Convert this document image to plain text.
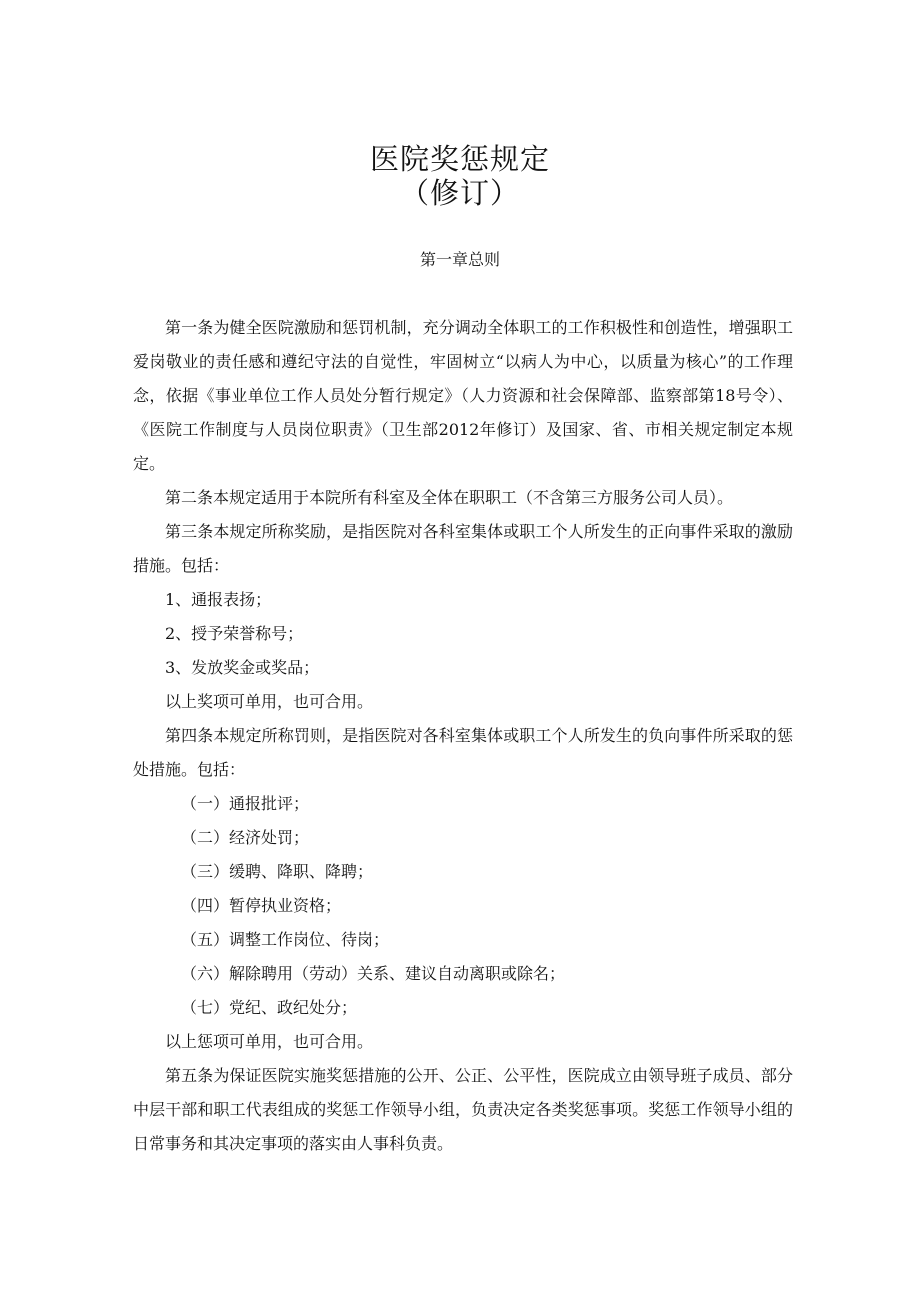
医院奖惩规定
（修订）
第一章总则

第一条为健全医院激励和惩罚机制，充分调动全体职工的工作积极性和创造性，增强职工爱岗敬业的责任感和遵纪守法的自觉性，牢固树立“以病人为中心，以质量为核心”的工作理念，依据《事业单位工作人员处分暂行规定》（人力资源和社会保障部、监察部第18号令）、《医院工作制度与人员岗位职责》（卫生部2012年修订）及国家、省、市相关规定制定本规定。

第二条本规定适用于本院所有科室及全体在职职工（不含第三方服务公司人员）。

第三条本规定所称奖励，是指医院对各科室集体或职工个人所发生的正向事件采取的激励措施。包括：

1、通报表扬；

2、授予荣誉称号；

3、发放奖金或奖品；

以上奖项可单用，也可合用。

第四条本规定所称罚则，是指医院对各科室集体或职工个人所发生的负向事件所采取的惩处措施。包括：

（一）通报批评；

（二）经济处罚；

（三）缓聘、降职、降聘；

（四）暂停执业资格；

（五）调整工作岗位、待岗；

（六）解除聘用（劳动）关系、建议自动离职或除名；

（七）党纪、政纪处分；

以上惩项可单用，也可合用。

第五条为保证医院实施奖惩措施的公开、公正、公平性，医院成立由领导班子成员、部分中层干部和职工代表组成的奖惩工作领导小组，负责决定各类奖惩事项。奖惩工作领导小组的日常事务和其决定事项的落实由人事科负责。
